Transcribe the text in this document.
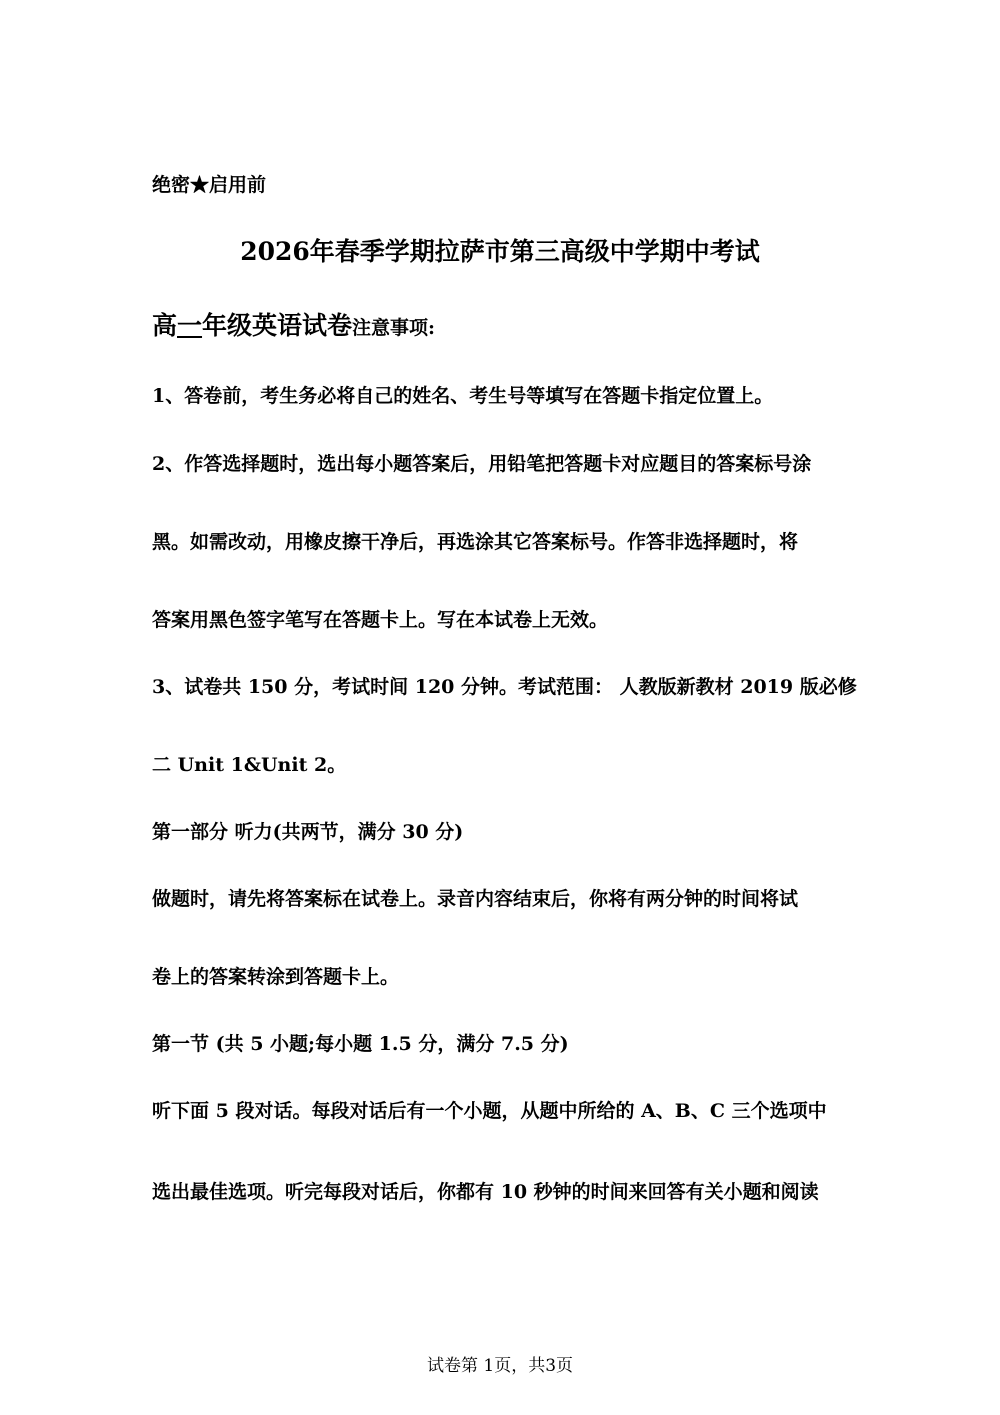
绝密★启用前
2026年春季学期拉萨市第三高级中学期中考试
高一年级英语试卷注意事项:
1、答卷前，考生务必将自己的姓名、考生号等填写在答题卡指定位置上。
2、作答选择题时，选出每小题答案后，用铅笔把答题卡对应题目的答案标号涂
黑。如需改动，用橡皮擦干净后，再选涂其它答案标号。作答非选择题时，将
答案用黑色签字笔写在答题卡上。写在本试卷上无效。
3、试卷共 150 分，考试时间 120 分钟。考试范围： 人教版新教材 2019 版必修
二 Unit 1&Unit 2。
第一部分 听力(共两节，满分 30 分)
做题时，请先将答案标在试卷上。录音内容结束后，你将有两分钟的时间将试
卷上的答案转涂到答题卡上。
第一节 (共 5 小题;每小题 1.5 分，满分 7.5 分)
听下面 5 段对话。每段对话后有一个小题，从题中所给的 A、B、C 三个选项中
选出最佳选项。听完每段对话后，你都有 10 秒钟的时间来回答有关小题和阅读
试卷第 1页，共3页
